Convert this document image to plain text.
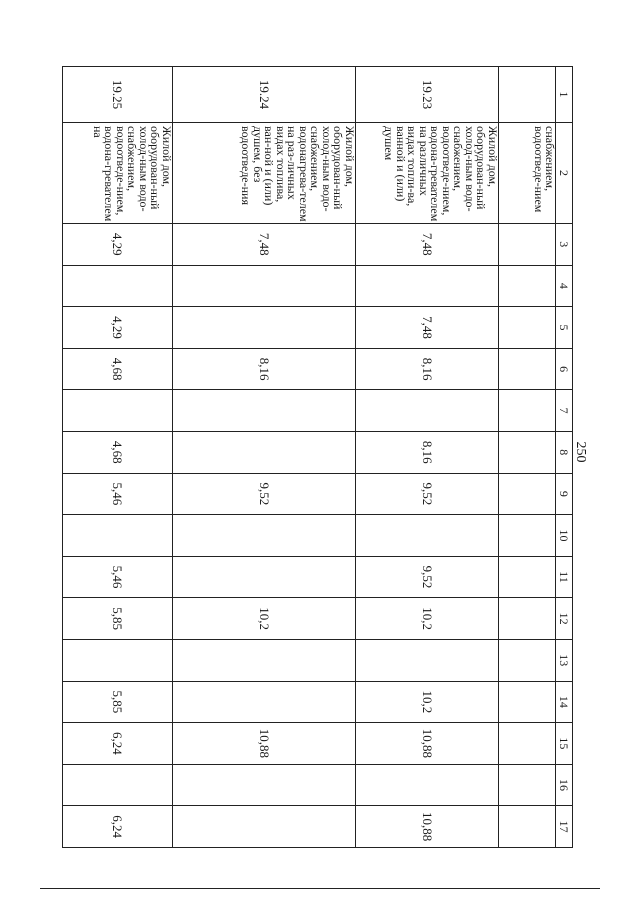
250
1	2	3	4	5	6	7	8	9	10	11	12	13	14	15	16	17
	снабжением, водоотведе-нием															
19.23	Жилой дом, оборудован-ный холод-ным водо-снабжением, водоотведе-нием, водона-гревателем на различных видах топли-ва, ванной и (или) душем	7,48		7,48	8,16		8,16	9,52		9,52	10,2		10,2	10,88		10,88
19.24	Жилой дом, оборудован-ный холод-ным водо-снабжением, водонагрева-телем на раз-личных видах топлива, ван-ной и (или) душем, без водоотведе-ния	7,48			8,16			9,52			10,2			10,88		
19.25	Жилой дом, оборудован-ный холод-ным водо-снабжением, водоотведе-нием, водона-гревателем на	4,29		4,29	4,68		4,68	5,46		5,46	5,85		5,85	6,24		6,24
